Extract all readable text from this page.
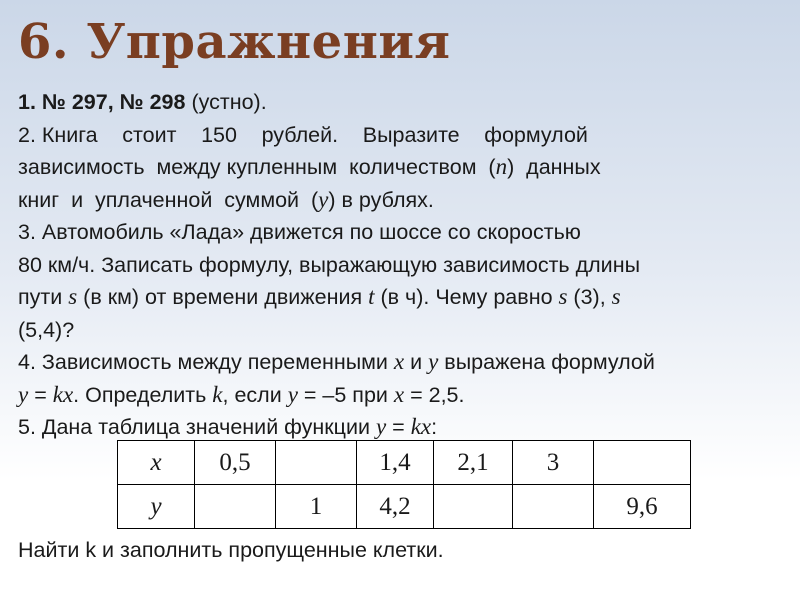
6. Упражнения
1. № 297, № 298 (устно).
2. Книга стоит 150 рублей. Выразите формулой
зависимость  между купленным  количеством  (n)  данных
книг  и  уплаченной  суммой  (y) в рублях.
3. Автомобиль «Лада» движется по шоссе со скоростью
80 км/ч. Записать формулу, выражающую зависимость длины
пути s (в км) от времени движения t (в ч). Чему равно s (3), s
(5,4)?
4. Зависимость между переменными x и y выражена формулой
y = kx. Определить k, если y = –5 при x = 2,5.
5. Дана таблица значений функции y = kx:
x	0,5		1,4	2,1	3	
y		1	4,2			9,6
Найти k и заполнить пропущенные клетки.
